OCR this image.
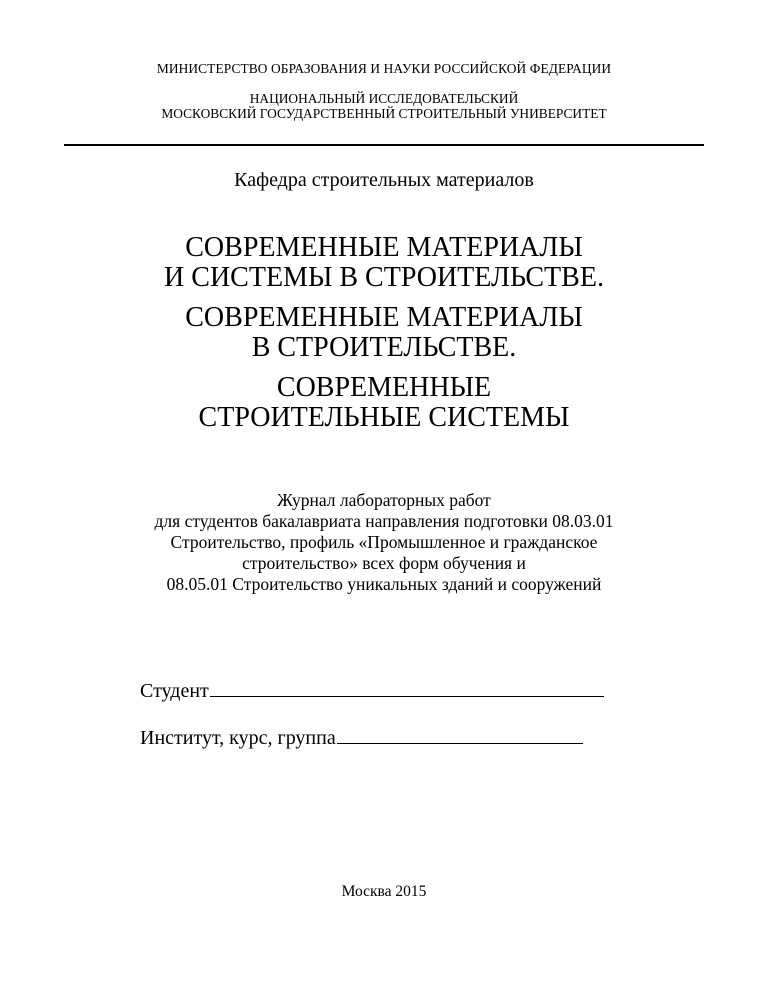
МИНИСТЕРСТВО ОБРАЗОВАНИЯ И НАУКИ РОССИЙСКОЙ ФЕДЕРАЦИИ
НАЦИОНАЛЬНЫЙ ИССЛЕДОВАТЕЛЬСКИЙ
МОСКОВСКИЙ ГОСУДАРСТВЕННЫЙ СТРОИТЕЛЬНЫЙ УНИВЕРСИТЕТ
Кафедра строительных материалов
СОВРЕМЕННЫЕ МАТЕРИАЛЫ
И СИСТЕМЫ В СТРОИТЕЛЬСТВЕ.
СОВРЕМЕННЫЕ МАТЕРИАЛЫ
В СТРОИТЕЛЬСТВЕ.
СОВРЕМЕННЫЕ
СТРОИТЕЛЬНЫЕ СИСТЕМЫ
Журнал лабораторных работ
для студентов бакалавриата направления подготовки 08.03.01
Строительство, профиль «Промышленное и гражданское
строительство» всех форм обучения и
08.05.01 Строительство уникальных зданий и сооружений
Студент
Институт, курс, группа
Москва 2015
